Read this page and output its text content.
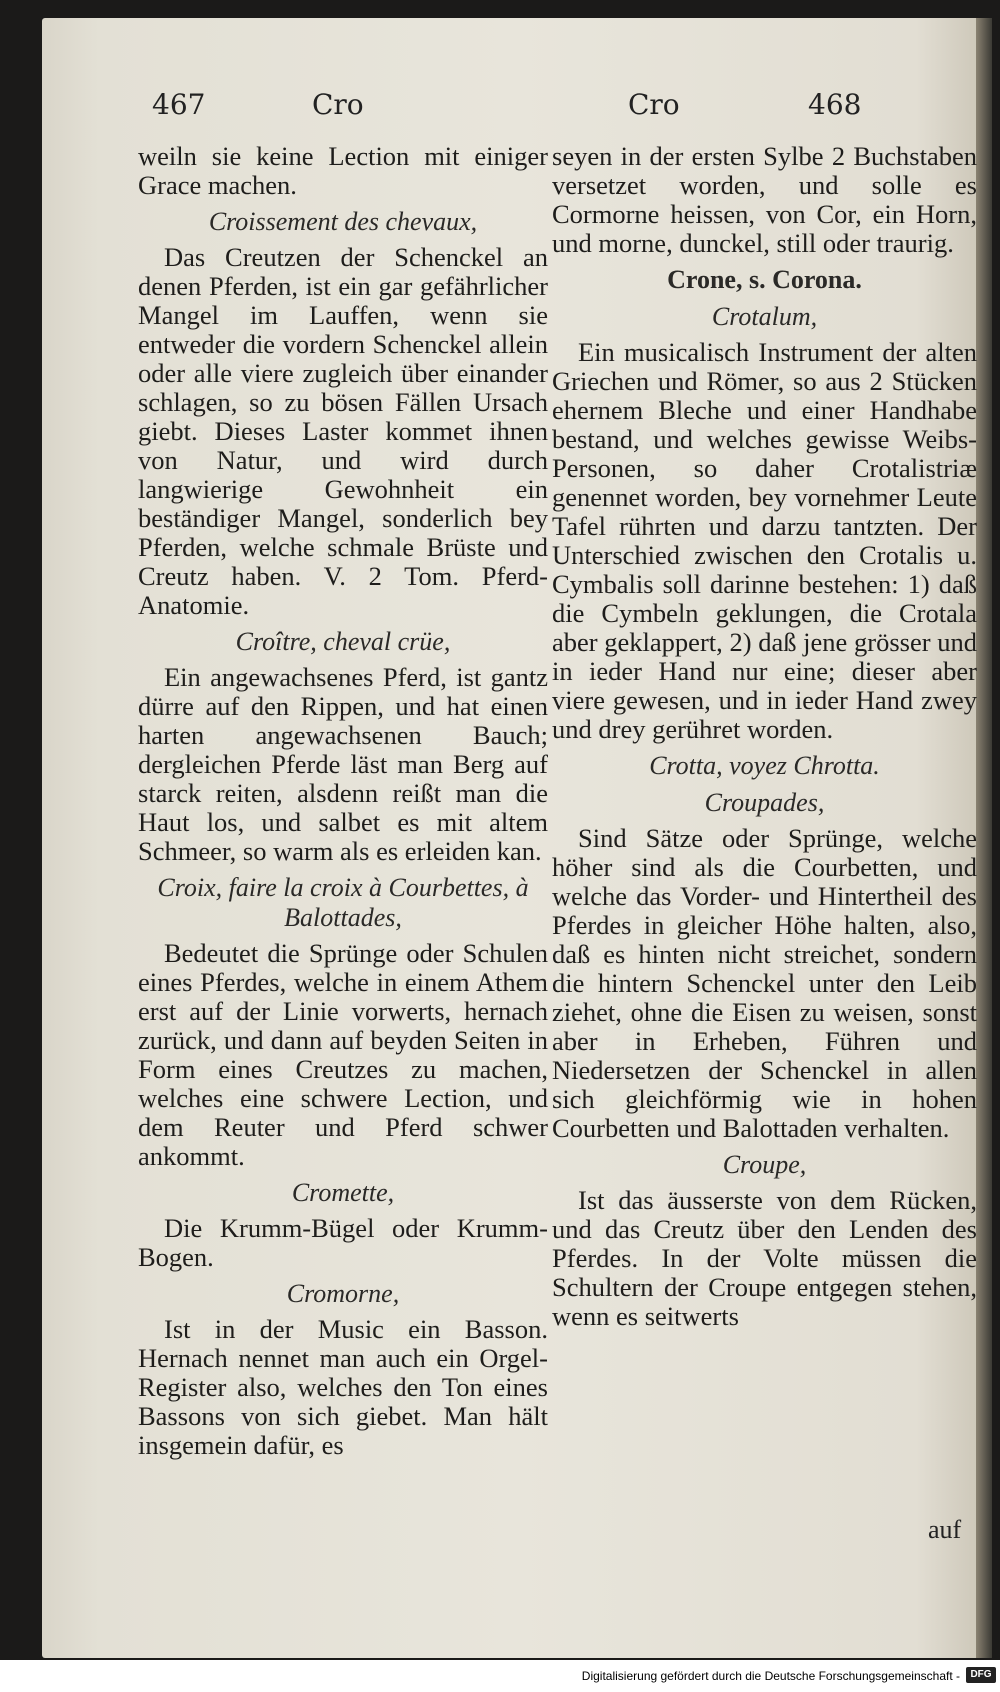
467	Cro	Cro	468
weiln sie keine Lection mit einiger Grace machen.
Croissement des chevaux,
Das Creutzen der Schenckel an denen Pferden, ist ein gar gefährlicher Mangel im Lauffen, wenn sie entweder die vordern Schenckel allein oder alle viere zugleich über einander schlagen, so zu bösen Fällen Ursach giebt. Dieses Laster kommet ihnen von Natur, und wird durch langwierige Gewohnheit ein beständiger Mangel, sonderlich bey Pferden, welche schmale Brüste und Creutz haben. V. 2 Tom. Pferd-Anatomie.
Croître, cheval crüe,
Ein angewachsenes Pferd, ist gantz dürre auf den Rippen, und hat einen harten angewachsenen Bauch; dergleichen Pferde läst man Berg auf starck reiten, alsdenn reißt man die Haut los, und salbet es mit altem Schmeer, so warm als es erleiden kan.
Croix, faire la croix à Courbettes, à Balottades,
Bedeutet die Sprünge oder Schulen eines Pferdes, welche in einem Athem erst auf der Linie vorwerts, hernach zurück, und dann auf beyden Seiten in Form eines Creutzes zu machen, welches eine schwere Lection, und dem Reuter und Pferd schwer ankommt.
Cromette,
Die Krumm-Bügel oder Krumm-Bogen.
Cromorne,
Ist in der Music ein Basson. Hernach nennet man auch ein Orgel-Register also, welches den Ton eines Bassons von sich giebet. Man hält insgemein dafür, es
seyen in der ersten Sylbe 2 Buchstaben versetzet worden, und solle es Cormorne heissen, von Cor, ein Horn, und morne, dunckel, still oder traurig.
Crone, s. Corona.
Crotalum,
Ein musicalisch Instrument der alten Griechen und Römer, so aus 2 Stücken ehernem Bleche und einer Handhabe bestand, und welches gewisse Weibs-Personen, so daher Crotalistriæ genennet worden, bey vornehmer Leute Tafel rührten und darzu tantzten. Der Unterschied zwischen den Crotalis u. Cymbalis soll darinne bestehen: 1) daß die Cymbeln geklungen, die Crotala aber geklappert, 2) daß jene grösser und in ieder Hand nur eine; dieser aber viere gewesen, und in ieder Hand zwey und drey gerühret worden.
Crotta, voyez Chrotta.
Croupades,
Sind Sätze oder Sprünge, welche höher sind als die Courbetten, und welche das Vorder- und Hintertheil des Pferdes in gleicher Höhe halten, also, daß es hinten nicht streichet, sondern die hintern Schenckel unter den Leib ziehet, ohne die Eisen zu weisen, sonst aber in Erheben, Führen und Niedersetzen der Schenckel in allen sich gleichförmig wie in hohen Courbetten und Balottaden verhalten.
Croupe,
Ist das äusserste von dem Rücken, und das Creutz über den Lenden des Pferdes. In der Volte müssen die Schultern der Croupe entgegen stehen, wenn es seitwerts
auf
Digitalisierung gefördert durch die Deutsche Forschungsgemeinschaft -	DFG
